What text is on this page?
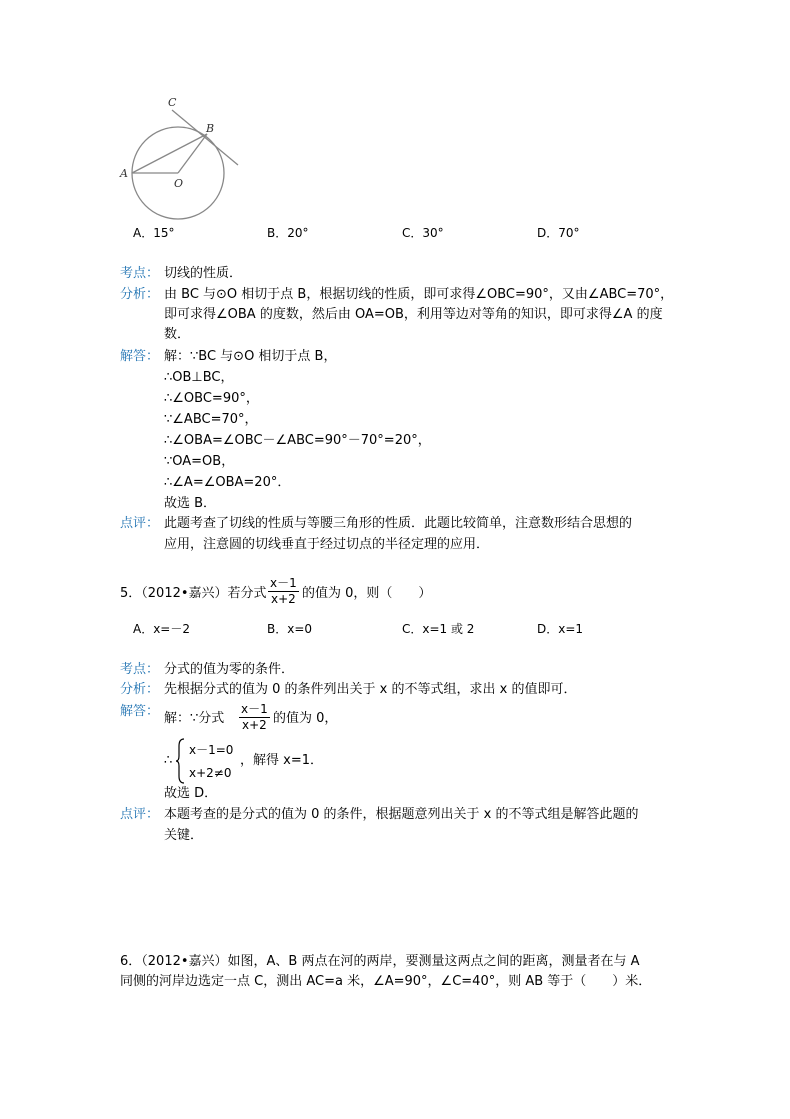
C
B
A
O
A．15°	B．20°	C．30°	D．70°
考点： 切线的性质．
分析： 由 BC 与⊙O 相切于点 B，根据切线的性质，即可求得∠OBC=90°，又由∠ABC=70°，
即可求得∠OBA 的度数，然后由 OA=OB，利用等边对等角的知识，即可求得∠A 的度
数．
解答： 解：∵BC 与⊙O 相切于点 B，
∴OB⊥BC，
∴∠OBC=90°，
∵∠ABC=70°，
∴∠OBA=∠OBC－∠ABC=90°－70°=20°，
∵OA=OB，
∴∠A=∠OBA=20°．
故选 B．
点评： 此题考查了切线的性质与等腰三角形的性质．此题比较简单，注意数形结合思想的
应用，注意圆的切线垂直于经过切点的半径定理的应用．
5．（2012•嘉兴）若分式 $\frac{x-1}{x+2}$ 的值为 0，则（　　）
A．x=－2	B．x=0	C．x=1 或 2	D．x=1
考点： 分式的值为零的条件．
分析： 先根据分式的值为 0 的条件列出关于 x 的不等式组，求出 x 的值即可．
解答： 解：∵分式 $\frac{x-1}{x+2}$ 的值为 0，
∴
x－1=0
x+2≠0
，解得 x=1．
故选 D．
点评： 本题考查的是分式的值为 0 的条件，根据题意列出关于 x 的不等式组是解答此题的
关键．
6．（2012•嘉兴）如图，A、B 两点在河的两岸，要测量这两点之间的距离，测量者在与 A
同侧的河岸边选定一点 C，测出 AC=a 米，∠A=90°，∠C=40°，则 AB 等于（　　）米．
